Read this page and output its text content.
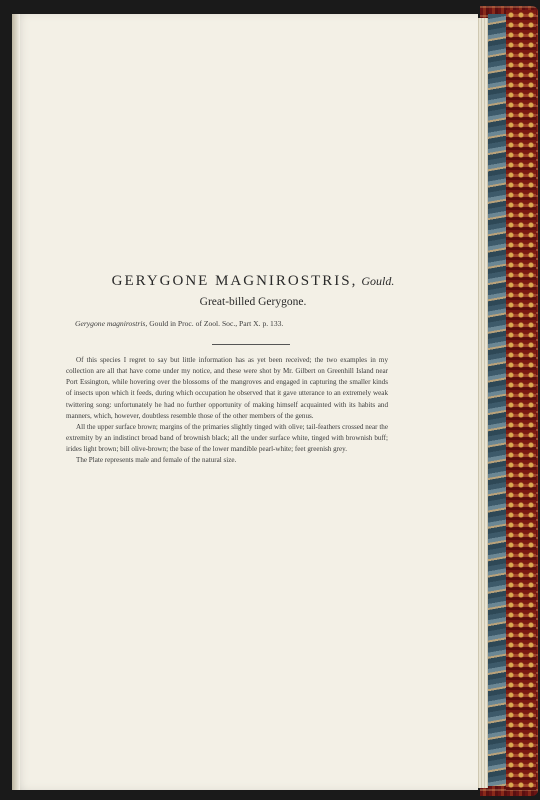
GERYGONE MAGNIROSTRIS, Gould.
Great-billed Gerygone.
Gerygone magnirostris, Gould in Proc. of Zool. Soc., Part X. p. 133.

Of this species I regret to say but little information has as yet been received; the two examples in my collection are all that have come under my notice, and these were shot by Mr. Gilbert on Greenhill Island near Port Essington, while hovering over the blossoms of the mangroves and engaged in capturing the smaller kinds of insects upon which it feeds, during which occupation he observed that it gave utterance to an extremely weak twittering song: unfortunately he had no further opportunity of making himself acquainted with its habits and manners, which, however, doubtless resemble those of the other members of the genus.

All the upper surface brown; margins of the primaries slightly tinged with olive; tail-feathers crossed near the extremity by an indistinct broad band of brownish black; all the under surface white, tinged with brownish buff; irides light brown; bill olive-brown; the base of the lower mandible pearl-white; feet greenish grey.

The Plate represents male and female of the natural size.
